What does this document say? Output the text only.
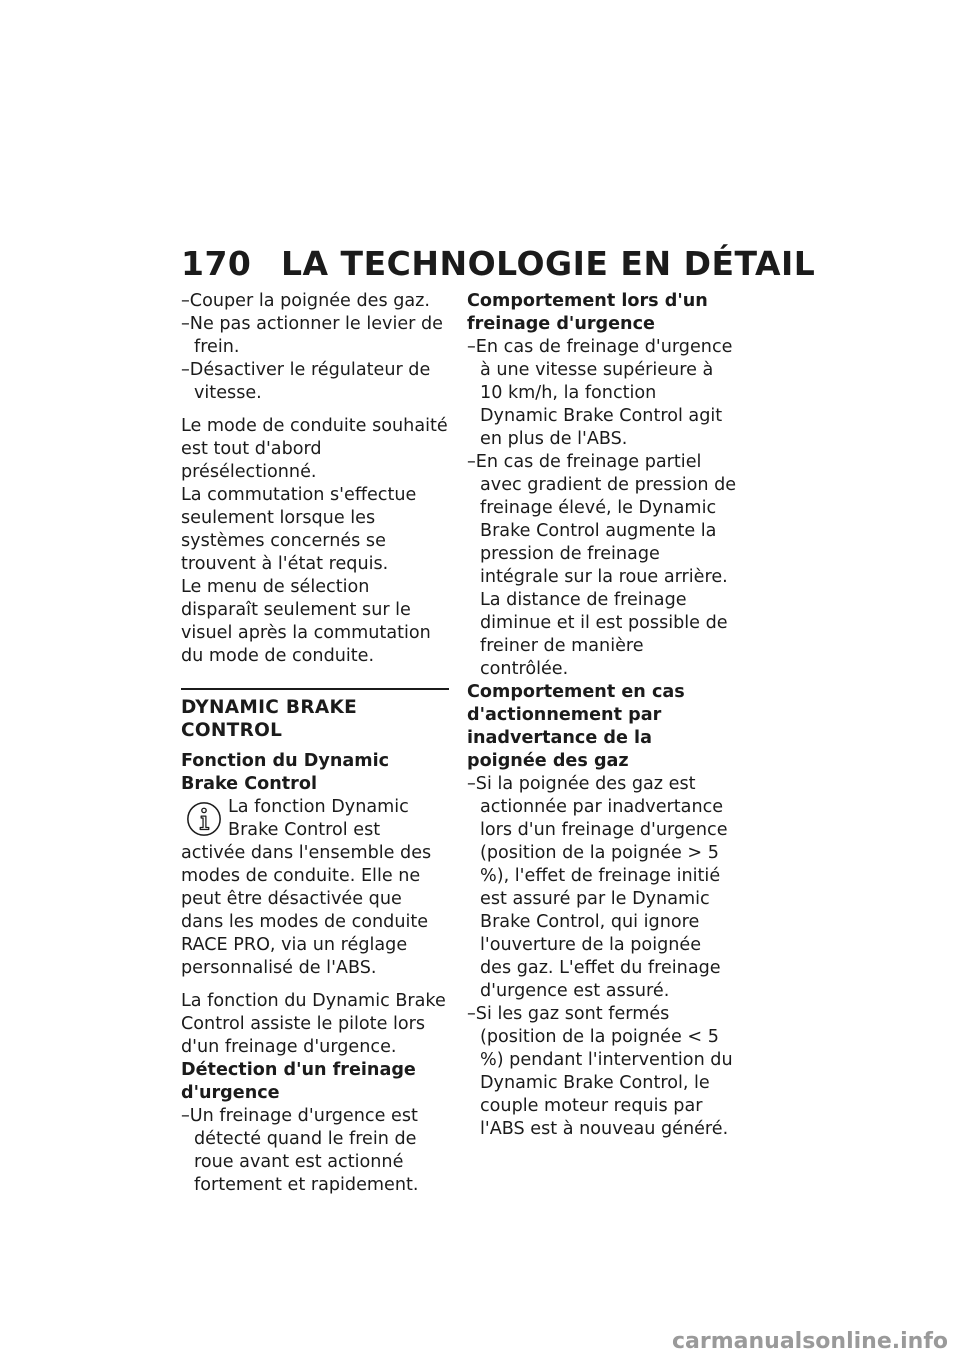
170 LA TECHNOLOGIE EN DÉTAIL

–Couper la poignée des gaz.

–Ne pas actionner le levier de frein.

–Désactiver le régulateur de vitesse.

Le mode de conduite souhaité est tout d'abord présélectionné.

La commutation s'effectue seulement lorsque les systèmes concernés se trouvent à l'état requis.

Le menu de sélection disparaît seulement sur le visuel après la commutation du mode de conduite.

DYNAMIC BRAKE CONTROL

Fonction du Dynamic Brake Control

La fonction Dynamic Brake Control est activée dans l'ensemble des modes de conduite. Elle ne peut être désactivée que dans les modes de conduite RACE PRO, via un réglage personnalisé de l'ABS.

La fonction du Dynamic Brake Control assiste le pilote lors d'un freinage d'urgence.

Détection d'un freinage d'urgence

–Un freinage d'urgence est détecté quand le frein de roue avant est actionné fortement et rapidement.

Comportement lors d'un freinage d'urgence

–En cas de freinage d'urgence à une vitesse supérieure à 10 km/h, la fonction Dynamic Brake Control agit en plus de l'ABS.

–En cas de freinage partiel avec gradient de pression de freinage élevé, le Dynamic Brake Control augmente la pression de freinage intégrale sur la roue arrière. La distance de freinage diminue et il est possible de freiner de manière contrôlée.

Comportement en cas d'actionnement par inadvertance de la poignée des gaz

–Si la poignée des gaz est actionnée par inadvertance lors d'un freinage d'urgence (position de la poignée > 5 %), l'effet de freinage initié est assuré par le Dynamic Brake Control, qui ignore l'ouverture de la poignée des gaz. L'effet du freinage d'urgence est assuré.

–Si les gaz sont fermés (position de la poignée < 5 %) pendant l'intervention du Dynamic Brake Control, le couple moteur requis par l'ABS est à nouveau généré.

carmanualsonline.info
